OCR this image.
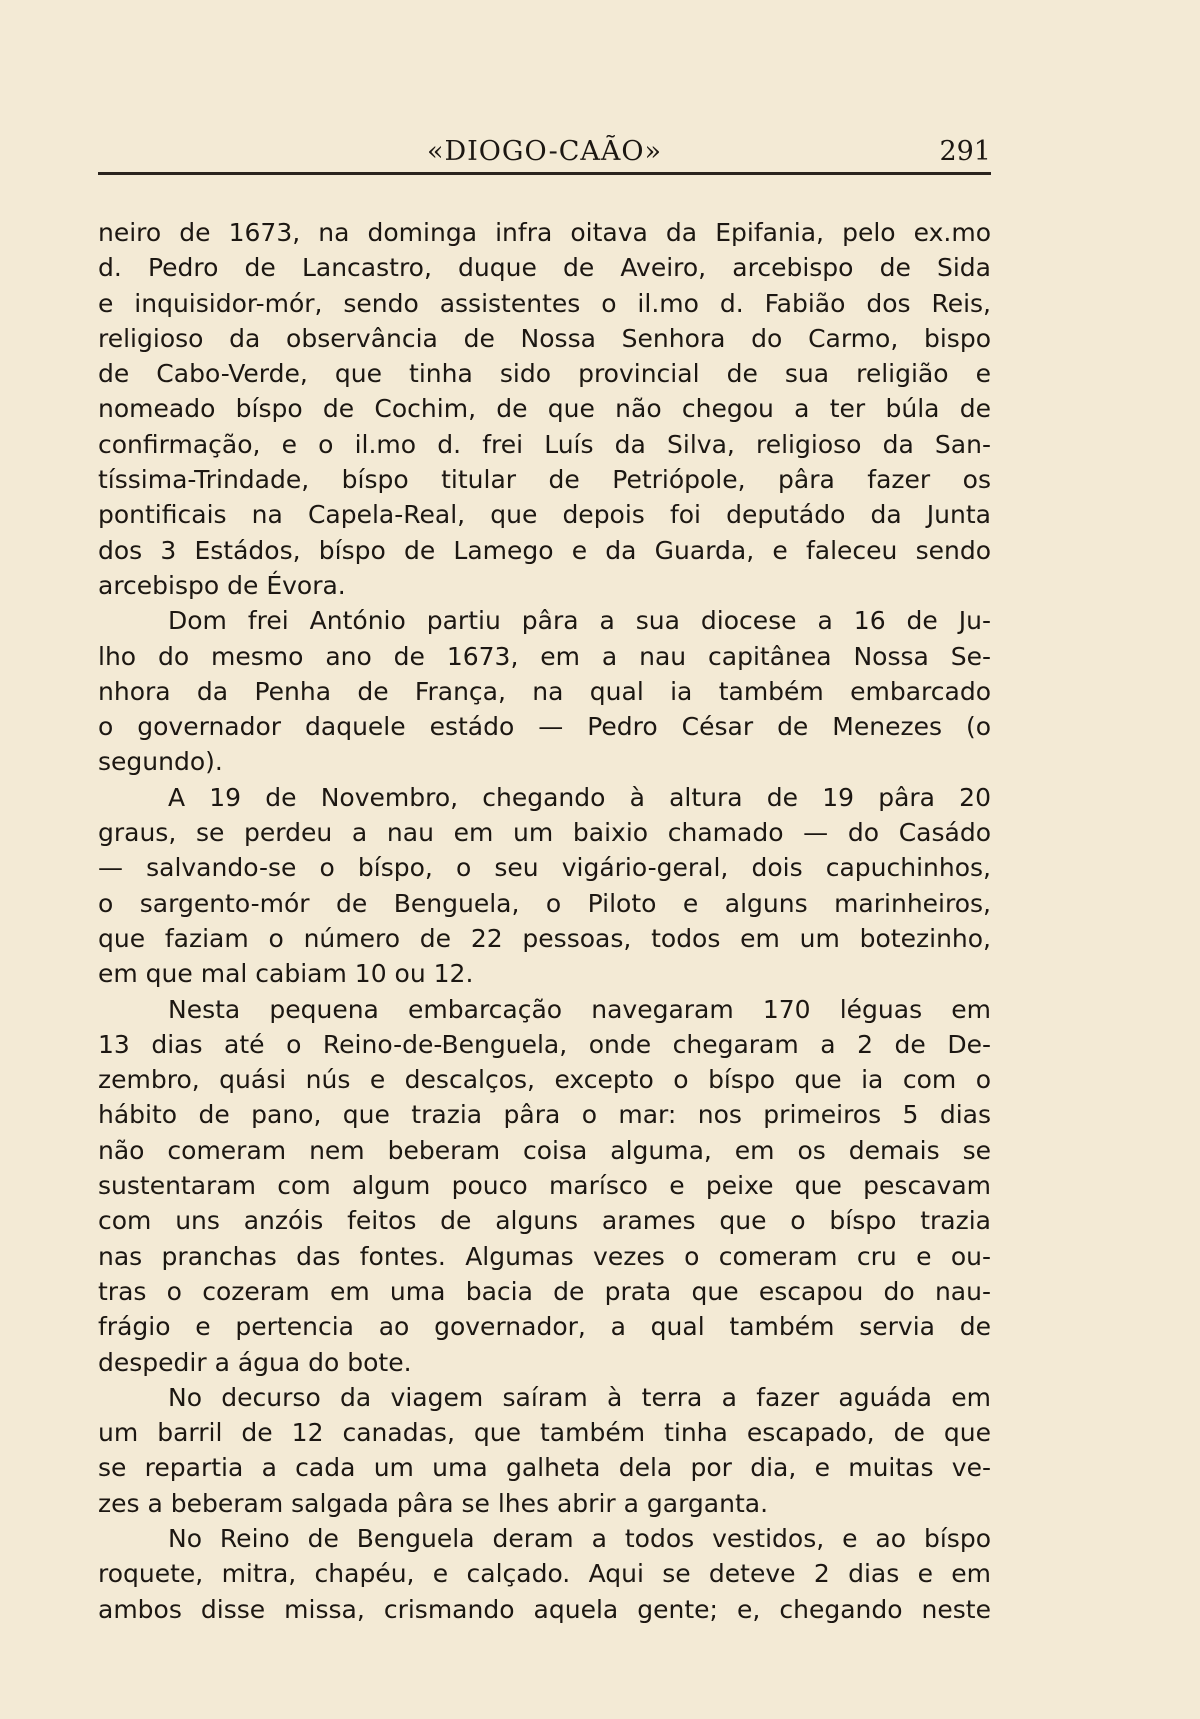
«DIOGO-CAÃO»	291
neiro de 1673, na dominga infra oitava da Epifania, pelo ex.mo
d. Pedro de Lancastro, duque de Aveiro, arcebispo de Sida
e inquisidor-mór, sendo assistentes o il.mo d. Fabião dos Reis,
religioso da observância de Nossa Senhora do Carmo, bispo
de Cabo-Verde, que tinha sido provincial de sua religião e
nomeado bíspo de Cochim, de que não chegou a ter búla de
confirmação, e o il.mo d. frei Luís da Silva, religioso da San-
tíssima-Trindade, bíspo titular de Petriópole, pâra fazer os
pontificais na Capela-Real, que depois foi deputádo da Junta
dos 3 Estádos, bíspo de Lamego e da Guarda, e faleceu sendo
arcebispo de Évora.
Dom frei António partiu pâra a sua diocese a 16 de Ju-
lho do mesmo ano de 1673, em a nau capitânea Nossa Se-
nhora da Penha de França, na qual ia também embarcado
o governador daquele estádo — Pedro César de Menezes (o
segundo).
A 19 de Novembro, chegando à altura de 19 pâra 20
graus, se perdeu a nau em um baixio chamado — do Casádo
— salvando-se o bíspo, o seu vigário-geral, dois capuchinhos,
o sargento-mór de Benguela, o Piloto e alguns marinheiros,
que faziam o número de 22 pessoas, todos em um botezinho,
em que mal cabiam 10 ou 12.
Nesta pequena embarcação navegaram 170 léguas em
13 dias até o Reino-de-Benguela, onde chegaram a 2 de De-
zembro, quási nús e descalços, excepto o bíspo que ia com o
hábito de pano, que trazia pâra o mar: nos primeiros 5 dias
não comeram nem beberam coisa alguma, em os demais se
sustentaram com algum pouco marísco e peixe que pescavam
com uns anzóis feitos de alguns arames que o bíspo trazia
nas pranchas das fontes. Algumas vezes o comeram cru e ou-
tras o cozeram em uma bacia de prata que escapou do nau-
frágio e pertencia ao governador, a qual também servia de
despedir a água do bote.
No decurso da viagem saíram à terra a fazer aguáda em
um barril de 12 canadas, que também tinha escapado, de que
se repartia a cada um uma galheta dela por dia, e muitas ve-
zes a beberam salgada pâra se lhes abrir a garganta.
No Reino de Benguela deram a todos vestidos, e ao bíspo
roquete, mitra, chapéu, e calçado. Aqui se deteve 2 dias e em
ambos disse missa, crismando aquela gente; e, chegando neste
